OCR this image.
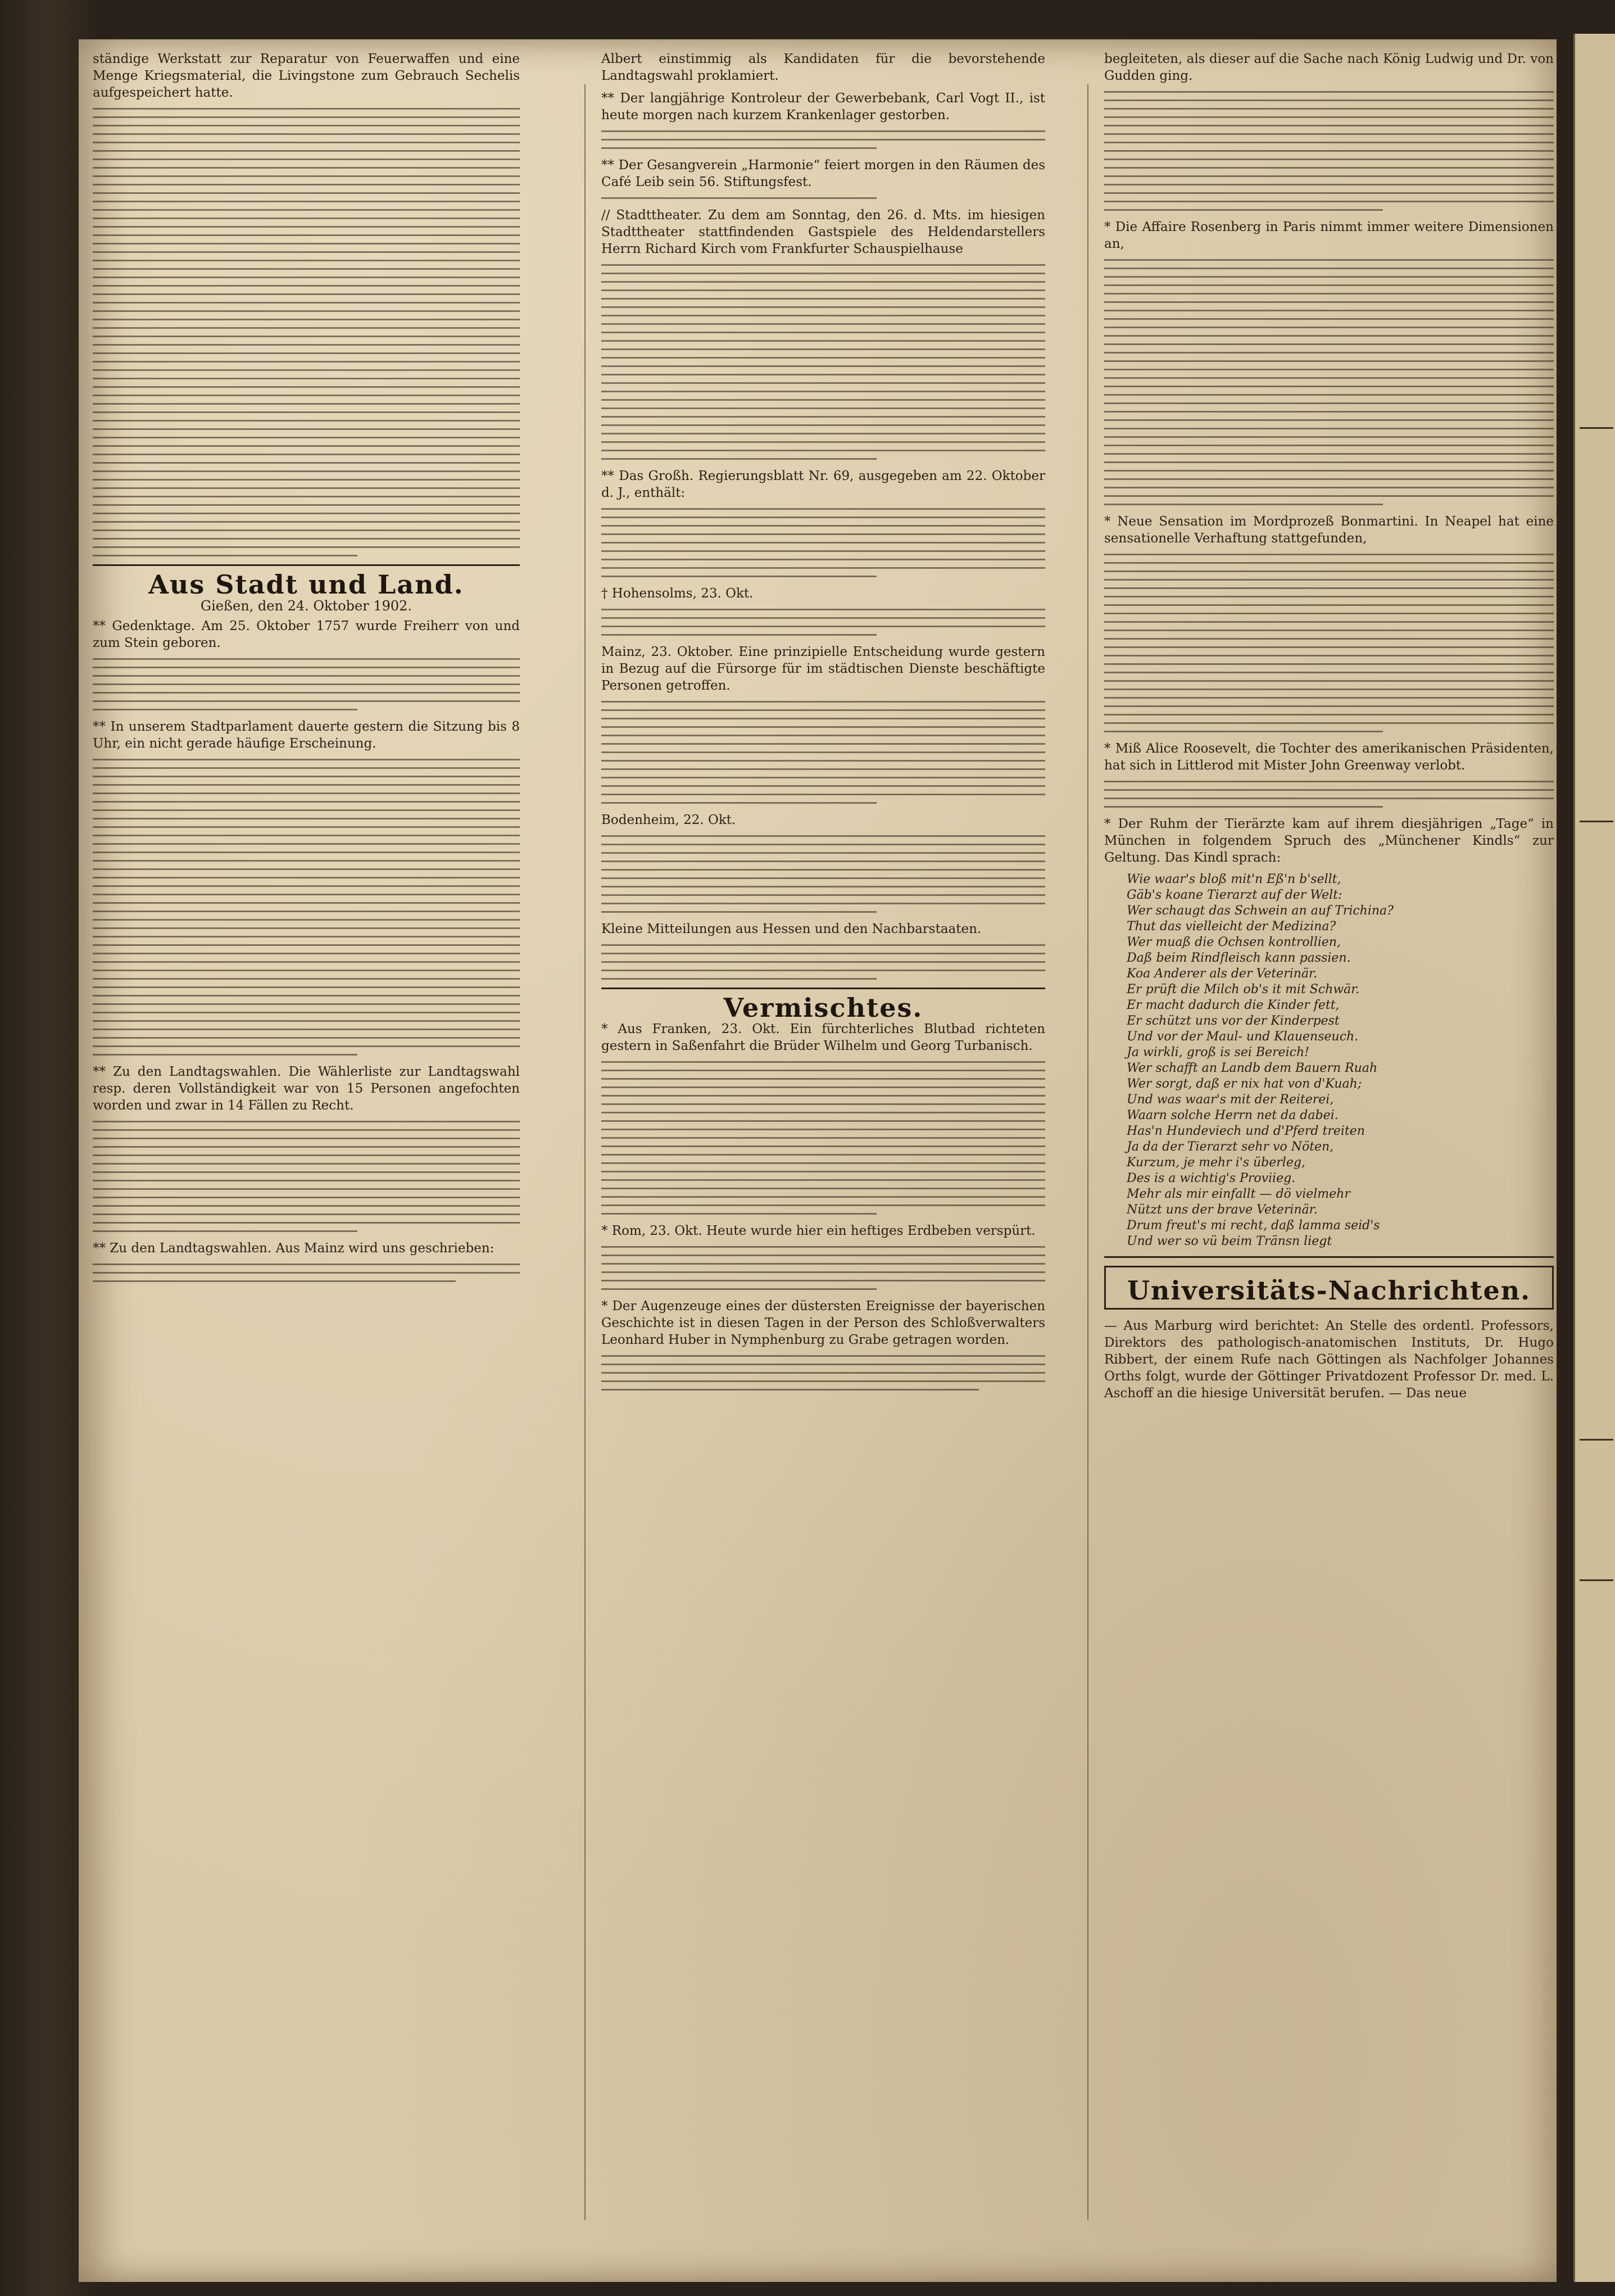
ständige Werkstatt zur Reparatur von Feuerwaffen und eine Menge Kriegsmaterial, die Livingstone zum Gebrauch Sechelis aufgespeichert hatte.
Aus Stadt und Land.
Gießen, den 24. Oktober 1902.
** Gedenktage. Am 25. Oktober 1757 wurde Freiherr von und zum Stein geboren.
** In unserem Stadtparlament dauerte gestern die Sitzung bis 8 Uhr, ein nicht gerade häufige Erscheinung.
** Zu den Landtagswahlen. Die Wählerliste zur Landtagswahl resp. deren Vollständigkeit war von 15 Personen angefochten worden und zwar in 14 Fällen zu Recht.
** Zu den Landtagswahlen. Aus Mainz wird uns geschrieben:
Albert einstimmig als Kandidaten für die bevorstehende Landtagswahl proklamiert.
** Der langjährige Kontroleur der Gewerbebank, Carl Vogt II., ist heute morgen nach kurzem Krankenlager gestorben.
** Der Gesangverein „Harmonie“ feiert morgen in den Räumen des Café Leib sein 56. Stiftungsfest.
// Stadttheater. Zu dem am Sonntag, den 26. d. Mts. im hiesigen Stadttheater stattfindenden Gastspiele des Heldendarstellers Herrn Richard Kirch vom Frankfurter Schauspielhause
** Das Großh. Regierungsblatt Nr. 69, ausgegeben am 22. Oktober d. J., enthält:
† Hohensolms, 23. Okt.
Mainz, 23. Oktober. Eine prinzipielle Entscheidung wurde gestern in Bezug auf die Fürsorge für im städtischen Dienste beschäftigte Personen getroffen.
Bodenheim, 22. Okt.
Kleine Mitteilungen aus Hessen und den Nachbarstaaten.
Vermischtes.
* Aus Franken, 23. Okt. Ein fürchterliches Blutbad richteten gestern in Saßenfahrt die Brüder Wilhelm und Georg Turbanisch.
* Rom, 23. Okt. Heute wurde hier ein heftiges Erdbeben verspürt.
* Der Augenzeuge eines der düstersten Ereignisse der bayerischen Geschichte ist in diesen Tagen in der Person des Schloßverwalters Leonhard Huber in Nymphenburg zu Grabe getragen worden.
begleiteten, als dieser auf die Sache nach König Ludwig und Dr. von Gudden ging.
* Die Affaire Rosenberg in Paris nimmt immer weitere Dimensionen an,
* Neue Sensation im Mordprozeß Bonmartini. In Neapel hat eine sensationelle Verhaftung stattgefunden,
* Miß Alice Roosevelt, die Tochter des amerikanischen Präsidenten, hat sich in Littlerod mit Mister John Greenway verlobt.
* Der Ruhm der Tierärzte kam auf ihrem diesjährigen „Tage“ in München in folgendem Spruch des „Münchener Kindls“ zur Geltung. Das Kindl sprach:
Wie waar's bloß mit'n Eß'n b'sellt,
Gäb's koane Tierarzt auf der Welt:
Wer schaugt das Schwein an auf Trichina?
Thut das vielleicht der Medizina?
Wer muaß die Ochsen kontrollien,
Daß beim Rindfleisch kann passien.
Koa Anderer als der Veterinär.
Er prüft die Milch ob's it mit Schwär.
Er macht dadurch die Kinder fett,
Er schützt uns vor der Kinderpest
Und vor der Maul- und Klauenseuch.
Ja wirkli, groß is sei Bereich!
Wer schafft an Landb dem Bauern Ruah
Wer sorgt, daß er nix hat von d'Kuah;
Und was waar's mit der Reiterei,
Waarn solche Herrn net da dabei.
Has'n Hundeviech und d'Pferd treiten
Ja da der Tierarzt sehr vo Nöten,
Kurzum, je mehr i's überleg,
Des is a wichtig's Proviieg.
Mehr als mir einfallt — dö vielmehr
Nützt uns der brave Veterinär.
Drum freut's mi recht, daß lamma seid's
Und wer so vü beim Tränsn liegt
Universitäts-Nachrichten.
— Aus Marburg wird berichtet: An Stelle des ordentl. Professors, Direktors des pathologisch-anatomischen Instituts, Dr. Hugo Ribbert, der einem Rufe nach Göttingen als Nachfolger Johannes Orths folgt, wurde der Göttinger Privatdozent Professor Dr. med. L. Aschoff an die hiesige Universität berufen. — Das neue
